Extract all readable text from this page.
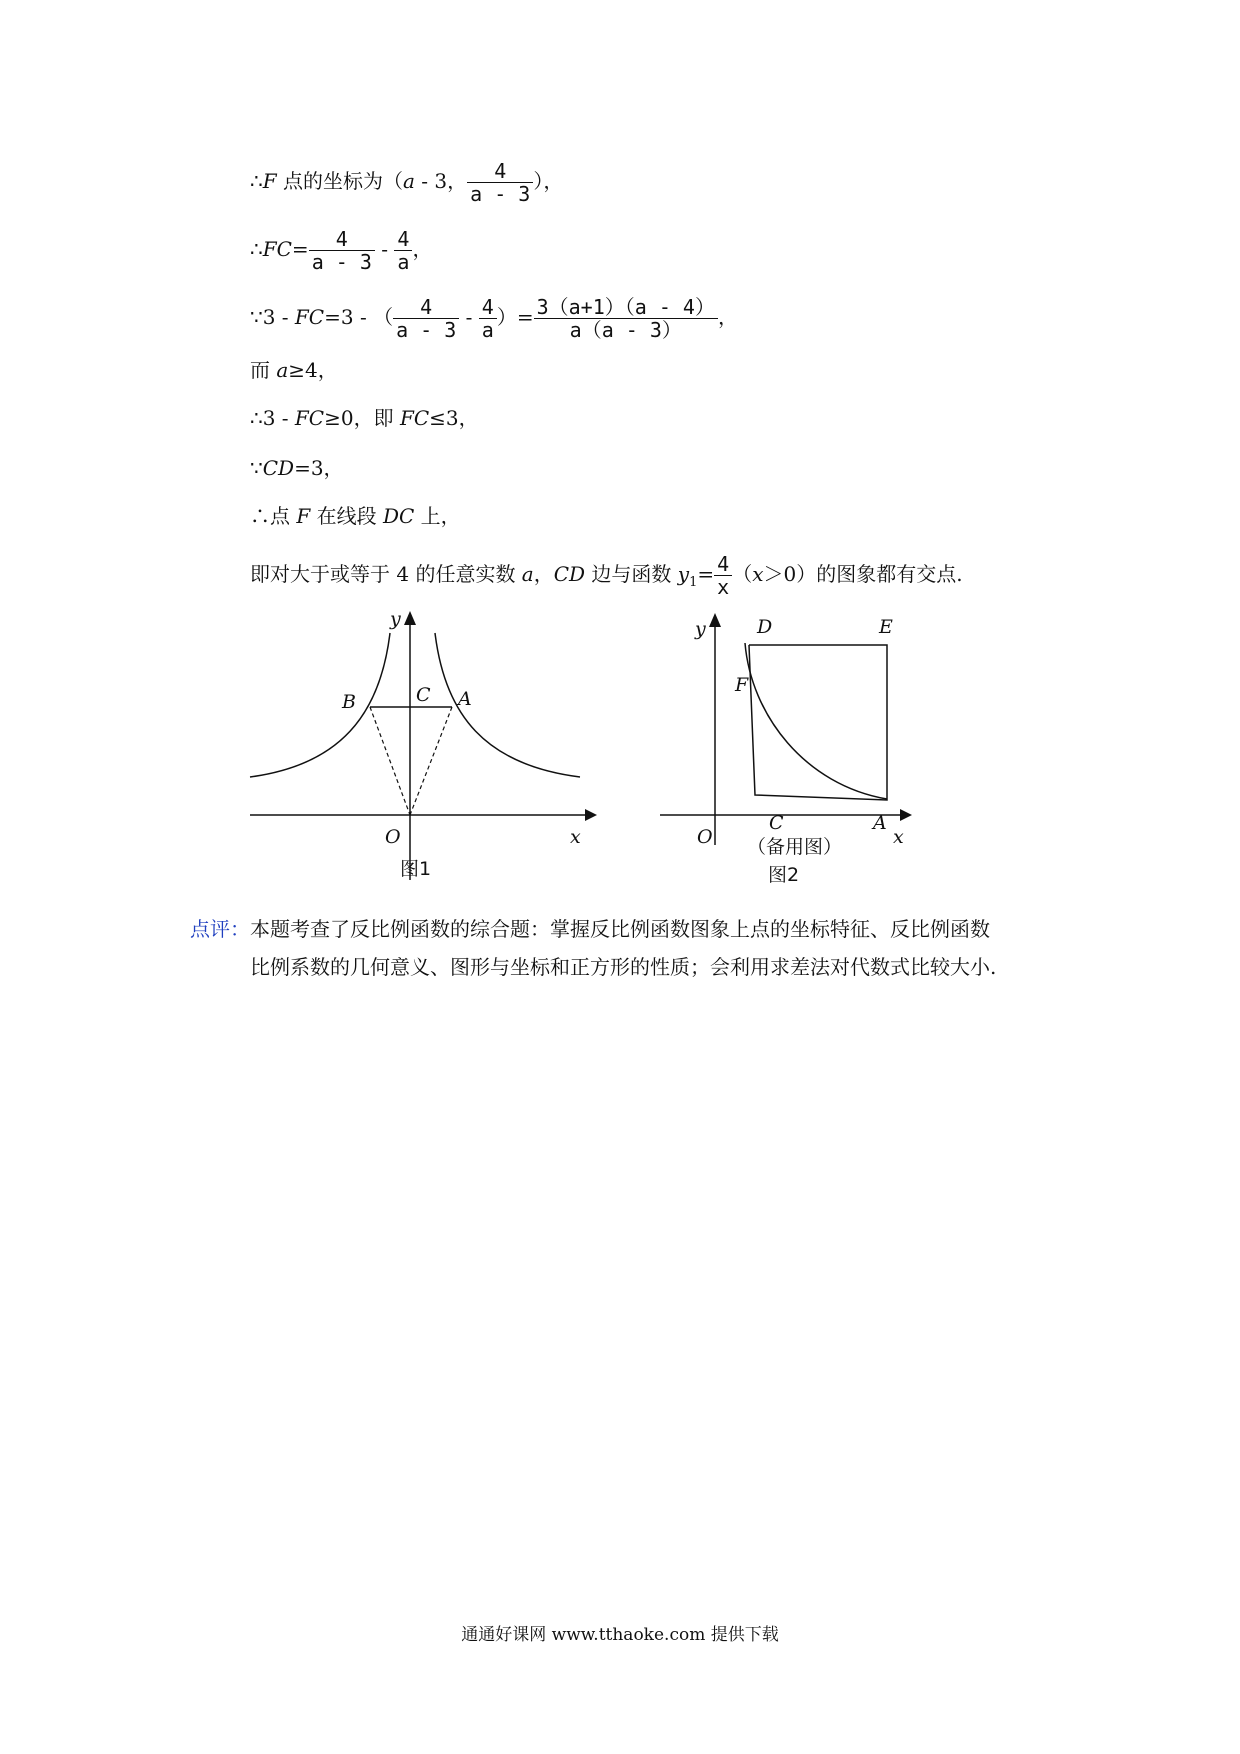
∴F 点的坐标为（a - 3， $\frac{4}{a - 3}$ ），
∴FC= $\frac{4}{a - 3} - \frac{4}{a}$ ，
∵3 - FC=3 - （ $\frac{4}{a - 3} - \frac{4}{a}$ ）= $\frac{3(a+1)(a - 4)}{a(a - 3)}$ ，
而 a≥4，
∴3 - FC≥0，即 FC≤3，
∵CD=3，
∴点 F 在线段 DC 上，
即对大于或等于 4 的任意实数 a，CD 边与函数 $y_1= \frac{4}{x} (x>0)$的图象都有交点.
y
x
O
B	C A
图1
y
x
O
D	E
F
C	A
（备用图）
图2
点评：本题考查了反比例函数的综合题：掌握反比例函数图象上点的坐标特征、反比例函数
比例系数的几何意义、图形与坐标和正方形的性质；会利用求差法对代数式比较大小.
通通好课网 www.tthaoke.com 提供下载
